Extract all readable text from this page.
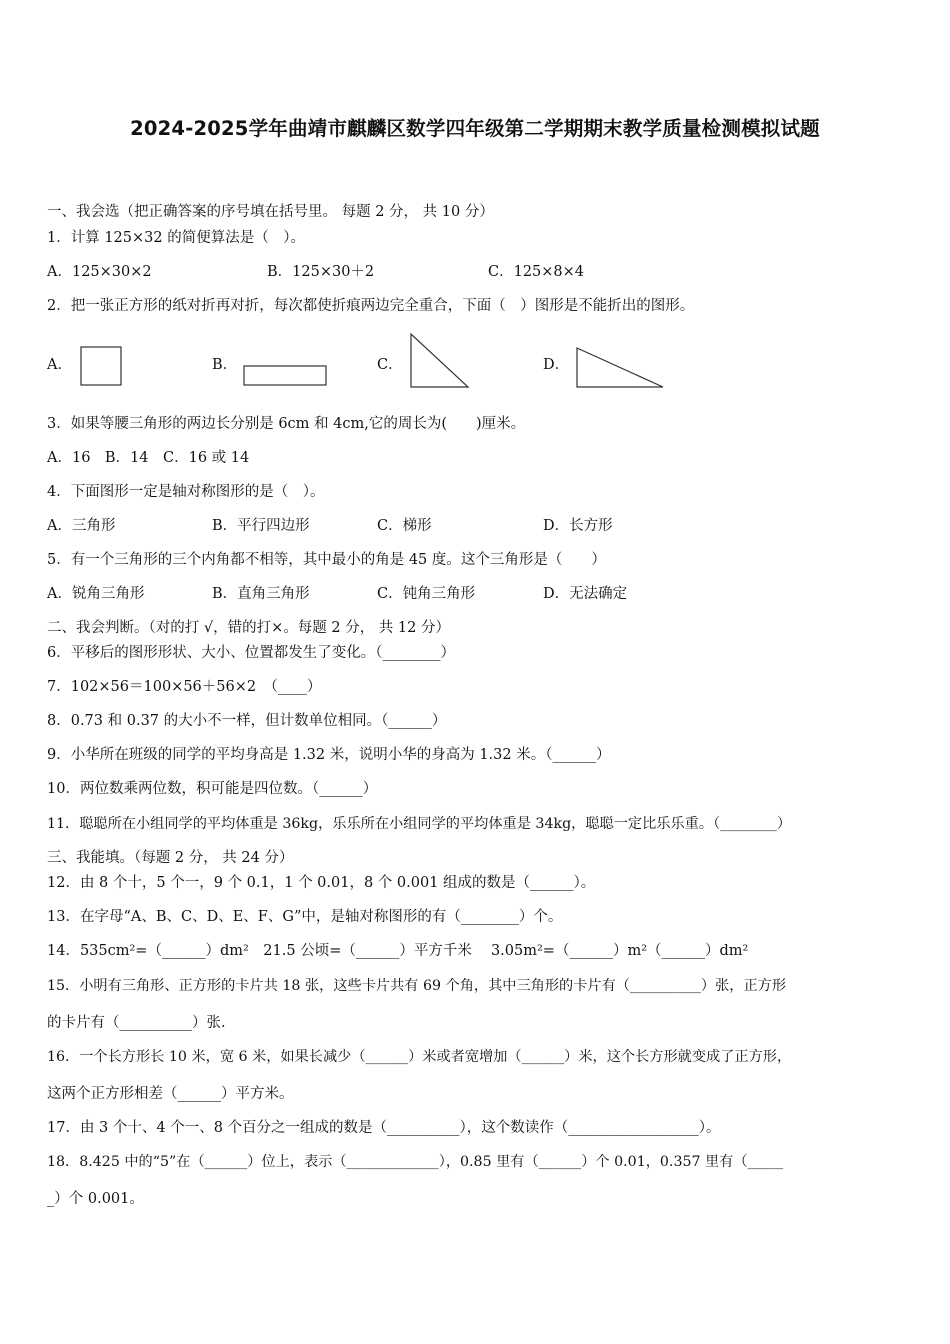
2024-2025学年曲靖市麒麟区数学四年级第二学期期末教学质量检测模拟试题
一、我会选（把正确答案的序号填在括号里。 每题 2 分， 共 10 分）
1．计算 125×32 的简便算法是（　）。
A．125×30×2	B．125×30＋2	C．125×8×4
2．把一张正方形的纸对折再对折，每次都使折痕两边完全重合，下面（　）图形是不能折出的图形。
A．	B．	C．	D．
3．如果等腰三角形的两边长分别是 6cm 和 4cm,它的周长为(　　)厘米。
A．16　B．14　C．16 或 14
4．下面图形一定是轴对称图形的是（　）。
A．三角形	B．平行四边形	C．梯形	D．长方形
5．有一个三角形的三个内角都不相等，其中最小的角是 45 度。这个三角形是（　　）
A．锐角三角形	B．直角三角形	C．钝角三角形	D．无法确定
二、我会判断。（对的打 √，错的打×。每题 2 分， 共 12 分）
6．平移后的图形形状、大小、位置都发生了变化。（________）
7．102×56＝100×56＋56×2　（____）
8．0.73 和 0.37 的大小不一样，但计数单位相同。（______）
9．小华所在班级的同学的平均身高是 1.32 米，说明小华的身高为 1.32 米。（______）
10．两位数乘两位数，积可能是四位数。（______）
11．聪聪所在小组同学的平均体重是 36kg，乐乐所在小组同学的平均体重是 34kg，聪聪一定比乐乐重。（________）
三、我能填。（每题 2 分， 共 24 分）
12．由 8 个十，5 个一，9 个 0.1，1 个 0.01，8 个 0.001 组成的数是（______）。
13．在字母“A、B、C、D、E、F、G”中，是轴对称图形的有（________）个。
14．535cm²=（______）dm²　21.5 公顷=（______）平方千米　 3.05m²=（______）m²（______）dm²
15．小明有三角形、正方形的卡片共 18 张，这些卡片共有 69 个角，其中三角形的卡片有（__________）张，正方形
的卡片有（__________）张.
16．一个长方形长 10 米，宽 6 米，如果长减少（______）米或者宽增加（______）米，这个长方形就变成了正方形，
这两个正方形相差（______）平方米。
17．由 3 个十、4 个一、8 个百分之一组成的数是（__________），这个数读作（__________________）。
18．8.425 中的“5”在（______）位上，表示（_____________），0.85 里有（______）个 0.01，0.357 里有（_____
_）个 0.001。
